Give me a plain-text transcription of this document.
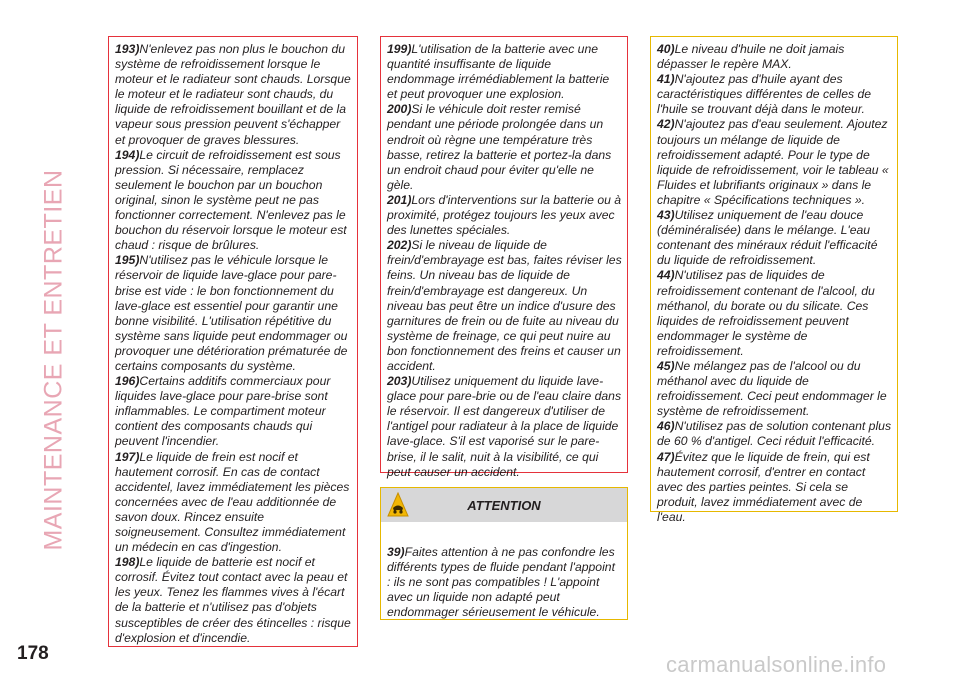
MAINTENANCE ET ENTRETIEN

193)N'enlevez pas non plus le bouchon du système de refroidissement lorsque le moteur et le radiateur sont chauds. Lorsque le moteur et le radiateur sont chauds, du liquide de refroidissement bouillant et de la vapeur sous pression peuvent s'échapper et provoquer de graves blessures.

194)Le circuit de refroidissement est sous pression. Si nécessaire, remplacez seulement le bouchon par un bouchon original, sinon le système peut ne pas fonctionner correctement. N'enlevez pas le bouchon du réservoir lorsque le moteur est chaud : risque de brûlures.

195)N'utilisez pas le véhicule lorsque le réservoir de liquide lave-glace pour pare-brise est vide : le bon fonctionnement du lave-glace est essentiel pour garantir une bonne visibilité. L'utilisation répétitive du système sans liquide peut endommager ou provoquer une détérioration prématurée de certains composants du système.

196)Certains additifs commerciaux pour liquides lave-glace pour pare-brise sont inflammables. Le compartiment moteur contient des composants chauds qui peuvent l'incendier.

197)Le liquide de frein est nocif et hautement corrosif. En cas de contact accidentel, lavez immédiatement les pièces concernées avec de l'eau additionnée de savon doux. Rincez ensuite soigneusement. Consultez immédiatement un médecin en cas d'ingestion.

198)Le liquide de batterie est nocif et corrosif. Évitez tout contact avec la peau et les yeux. Tenez les flammes vives à l'écart de la batterie et n'utilisez pas d'objets susceptibles de créer des étincelles : risque d'explosion et d'incendie.

199)L'utilisation de la batterie avec une quantité insuffisante de liquide endommage irrémédiablement la batterie et peut provoquer une explosion.

200)Si le véhicule doit rester remisé pendant une période prolongée dans un endroit où règne une température très basse, retirez la batterie et portez-la dans un endroit chaud pour éviter qu'elle ne gèle.

201)Lors d'interventions sur la batterie ou à proximité, protégez toujours les yeux avec des lunettes spéciales.

202)Si le niveau de liquide de frein/d'embrayage est bas, faites réviser les feins. Un niveau bas de liquide de frein/d'embrayage est dangereux. Un niveau bas peut être un indice d'usure des garnitures de frein ou de fuite au niveau du système de freinage, ce qui peut nuire au bon fonctionnement des freins et causer un accident.

203)Utilisez uniquement du liquide lave-glace pour pare-brie ou de l'eau claire dans le réservoir. Il est dangereux d'utiliser de l'antigel pour radiateur à la place de liquide lave-glace. S'il est vaporisé sur le pare-brise, il le salit, nuit à la visibilité, ce qui peut causer un accident.

ATTENTION

39)Faites attention à ne pas confondre les différents types de fluide pendant l'appoint : ils ne sont pas compatibles ! L'appoint avec un liquide non adapté peut endommager sérieusement le véhicule.

40)Le niveau d'huile ne doit jamais dépasser le repère MAX.

41)N'ajoutez pas d'huile ayant des caractéristiques différentes de celles de l'huile se trouvant déjà dans le moteur.

42)N'ajoutez pas d'eau seulement. Ajoutez toujours un mélange de liquide de refroidissement adapté. Pour le type de liquide de refroidissement, voir le tableau « Fluides et lubrifiants originaux » dans le chapitre « Spécifications techniques ».

43)Utilisez uniquement de l'eau douce (déminéralisée) dans le mélange. L'eau contenant des minéraux réduit l'efficacité du liquide de refroidissement.

44)N'utilisez pas de liquides de refroidissement contenant de l'alcool, du méthanol, du borate ou du silicate. Ces liquides de refroidissement peuvent endommager le système de refroidissement.

45)Ne mélangez pas de l'alcool ou du méthanol avec du liquide de refroidissement. Ceci peut endommager le système de refroidissement.

46)N'utilisez pas de solution contenant plus de 60 % d'antigel. Ceci réduit l'efficacité.

47)Évitez que le liquide de frein, qui est hautement corrosif, d'entrer en contact avec des parties peintes. Si cela se produit, lavez immédiatement avec de l'eau.

178	carmanualsonline.info
